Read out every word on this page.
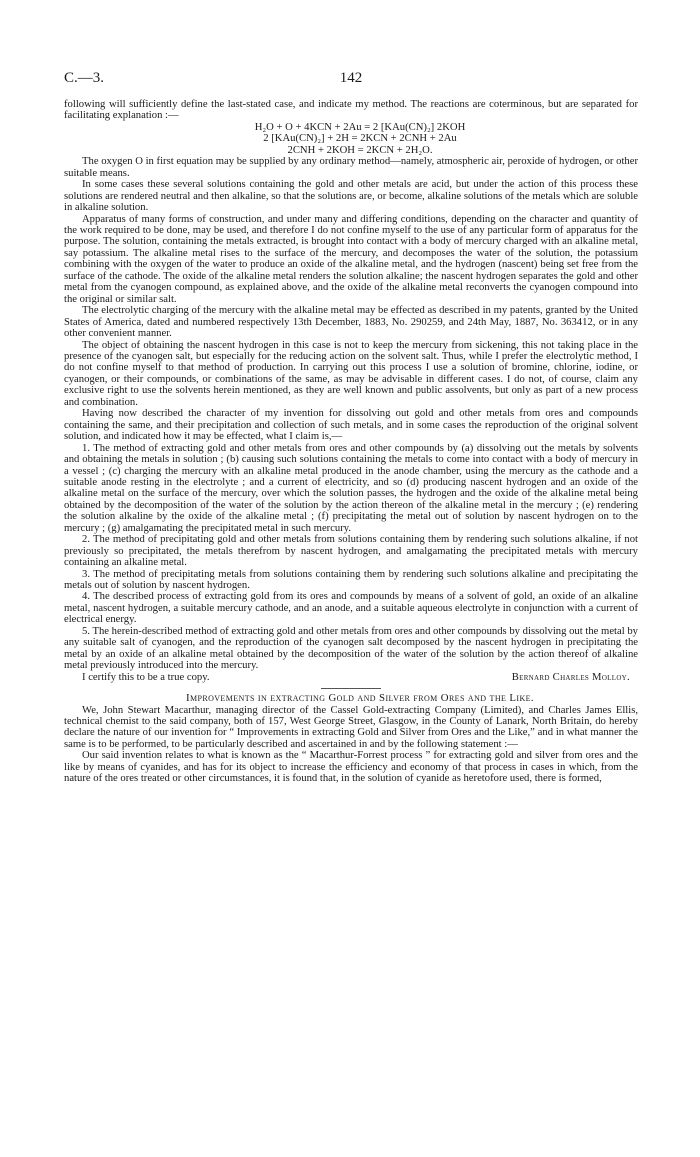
C.—3.	142

following will sufficiently define the last-stated case, and indicate my method. The reactions are coterminous, but are separated for facilitating explanation :—

H₂O + O + 4KCN + 2Au = 2 [KAu(CN)₂] 2KOH

2 [KAu(CN)₂] + 2H = 2KCN + 2CNH + 2Au

2CNH + 2KOH = 2KCN + 2H₂O.

The oxygen O in first equation may be supplied by any ordinary method—namely, atmospheric air, peroxide of hydrogen, or other suitable means.

In some cases these several solutions containing the gold and other metals are acid, but under the action of this process these solutions are rendered neutral and then alkaline, so that the solutions are, or become, alkaline solutions of the metals which are soluble in alkaline solution.

Apparatus of many forms of construction, and under many and differing conditions, depending on the character and quantity of the work required to be done, may be used, and therefore I do not confine myself to the use of any particular form of apparatus for the purpose. The solution, containing the metals extracted, is brought into contact with a body of mercury charged with an alkaline metal, say potassium. The alkaline metal rises to the surface of the mercury, and decomposes the water of the solution, the potassium combining with the oxygen of the water to produce an oxide of the alkaline metal, and the hydrogen (nascent) being set free from the surface of the cathode. The oxide of the alkaline metal renders the solution alkaline; the nascent hydrogen separates the gold and other metal from the cyanogen compound, as explained above, and the oxide of the alkaline metal reconverts the cyanogen compound into the original or similar salt.

The electrolytic charging of the mercury with the alkaline metal may be effected as described in my patents, granted by the United States of America, dated and numbered respectively 13th December, 1883, No. 290259, and 24th May, 1887, No. 363412, or in any other convenient manner.

The object of obtaining the nascent hydrogen in this case is not to keep the mercury from sickening, this not taking place in the presence of the cyanogen salt, but especially for the reducing action on the solvent salt. Thus, while I prefer the electrolytic method, I do not confine myself to that method of production. In carrying out this process I use a solution of bromine, chlorine, iodine, or cyanogen, or their compounds, or combinations of the same, as may be advisable in different cases. I do not, of course, claim any exclusive right to use the solvents herein mentioned, as they are well known and public assolvents, but only as part of a new process and combination.

Having now described the character of my invention for dissolving out gold and other metals from ores and compounds containing the same, and their precipitation and collection of such metals, and in some cases the reproduction of the original solvent solution, and indicated how it may be effected, what I claim is,—

1. The method of extracting gold and other metals from ores and other compounds by (a) dissolving out the metals by solvents and obtaining the metals in solution ; (b) causing such solutions containing the metals to come into contact with a body of mercury in a vessel ; (c) charging the mercury with an alkaline metal produced in the anode chamber, using the mercury as the cathode and a suitable anode resting in the electrolyte ; and a current of electricity, and so (d) producing nascent hydrogen and an oxide of the alkaline metal on the surface of the mercury, over which the solution passes, the hydrogen and the oxide of the alkaline metal being obtained by the decomposition of the water of the solution by the action thereon of the alkaline metal in the mercury ; (e) rendering the solution alkaline by the oxide of the alkaline metal ; (f) precipitating the metal out of solution by nascent hydrogen on to the mercury ; (g) amalgamating the precipitated metal in such mercury.

2. The method of precipitating gold and other metals from solutions containing them by rendering such solutions alkaline, if not previously so precipitated, the metals therefrom by nascent hydrogen, and amalgamating the precipitated metals with mercury containing an alkaline metal.

3. The method of precipitating metals from solutions containing them by rendering such solutions alkaline and precipitating the metals out of solution by nascent hydrogen.

4. The described process of extracting gold from its ores and compounds by means of a solvent of gold, an oxide of an alkaline metal, nascent hydrogen, a suitable mercury cathode, and an anode, and a suitable aqueous electrolyte in conjunction with a current of electrical energy.

5. The herein-described method of extracting gold and other metals from ores and other compounds by dissolving out the metal by any suitable salt of cyanogen, and the reproduction of the cyanogen salt decomposed by the nascent hydrogen in precipitating the metal by an oxide of an alkaline metal obtained by the decomposition of the water of the solution by the action thereof of alkaline metal previously introduced into the mercury.

I certify this to be a true copy.	Bernard Charles Molloy.

Improvements in extracting Gold and Silver from Ores and the Like.

We, John Stewart Macarthur, managing director of the Cassel Gold-extracting Company (Limited), and Charles James Ellis, technical chemist to the said company, both of 157, West George Street, Glasgow, in the County of Lanark, North Britain, do hereby declare the nature of our invention for “ Improvements in extracting Gold and Silver from Ores and the Like,” and in what manner the same is to be performed, to be particularly described and ascertained in and by the following statement :—

Our said invention relates to what is known as the “ Macarthur-Forrest process ” for extracting gold and silver from ores and the like by means of cyanides, and has for its object to increase the efficiency and economy of that process in cases in which, from the nature of the ores treated or other circumstances, it is found that, in the solution of cyanide as heretofore used, there is formed,
